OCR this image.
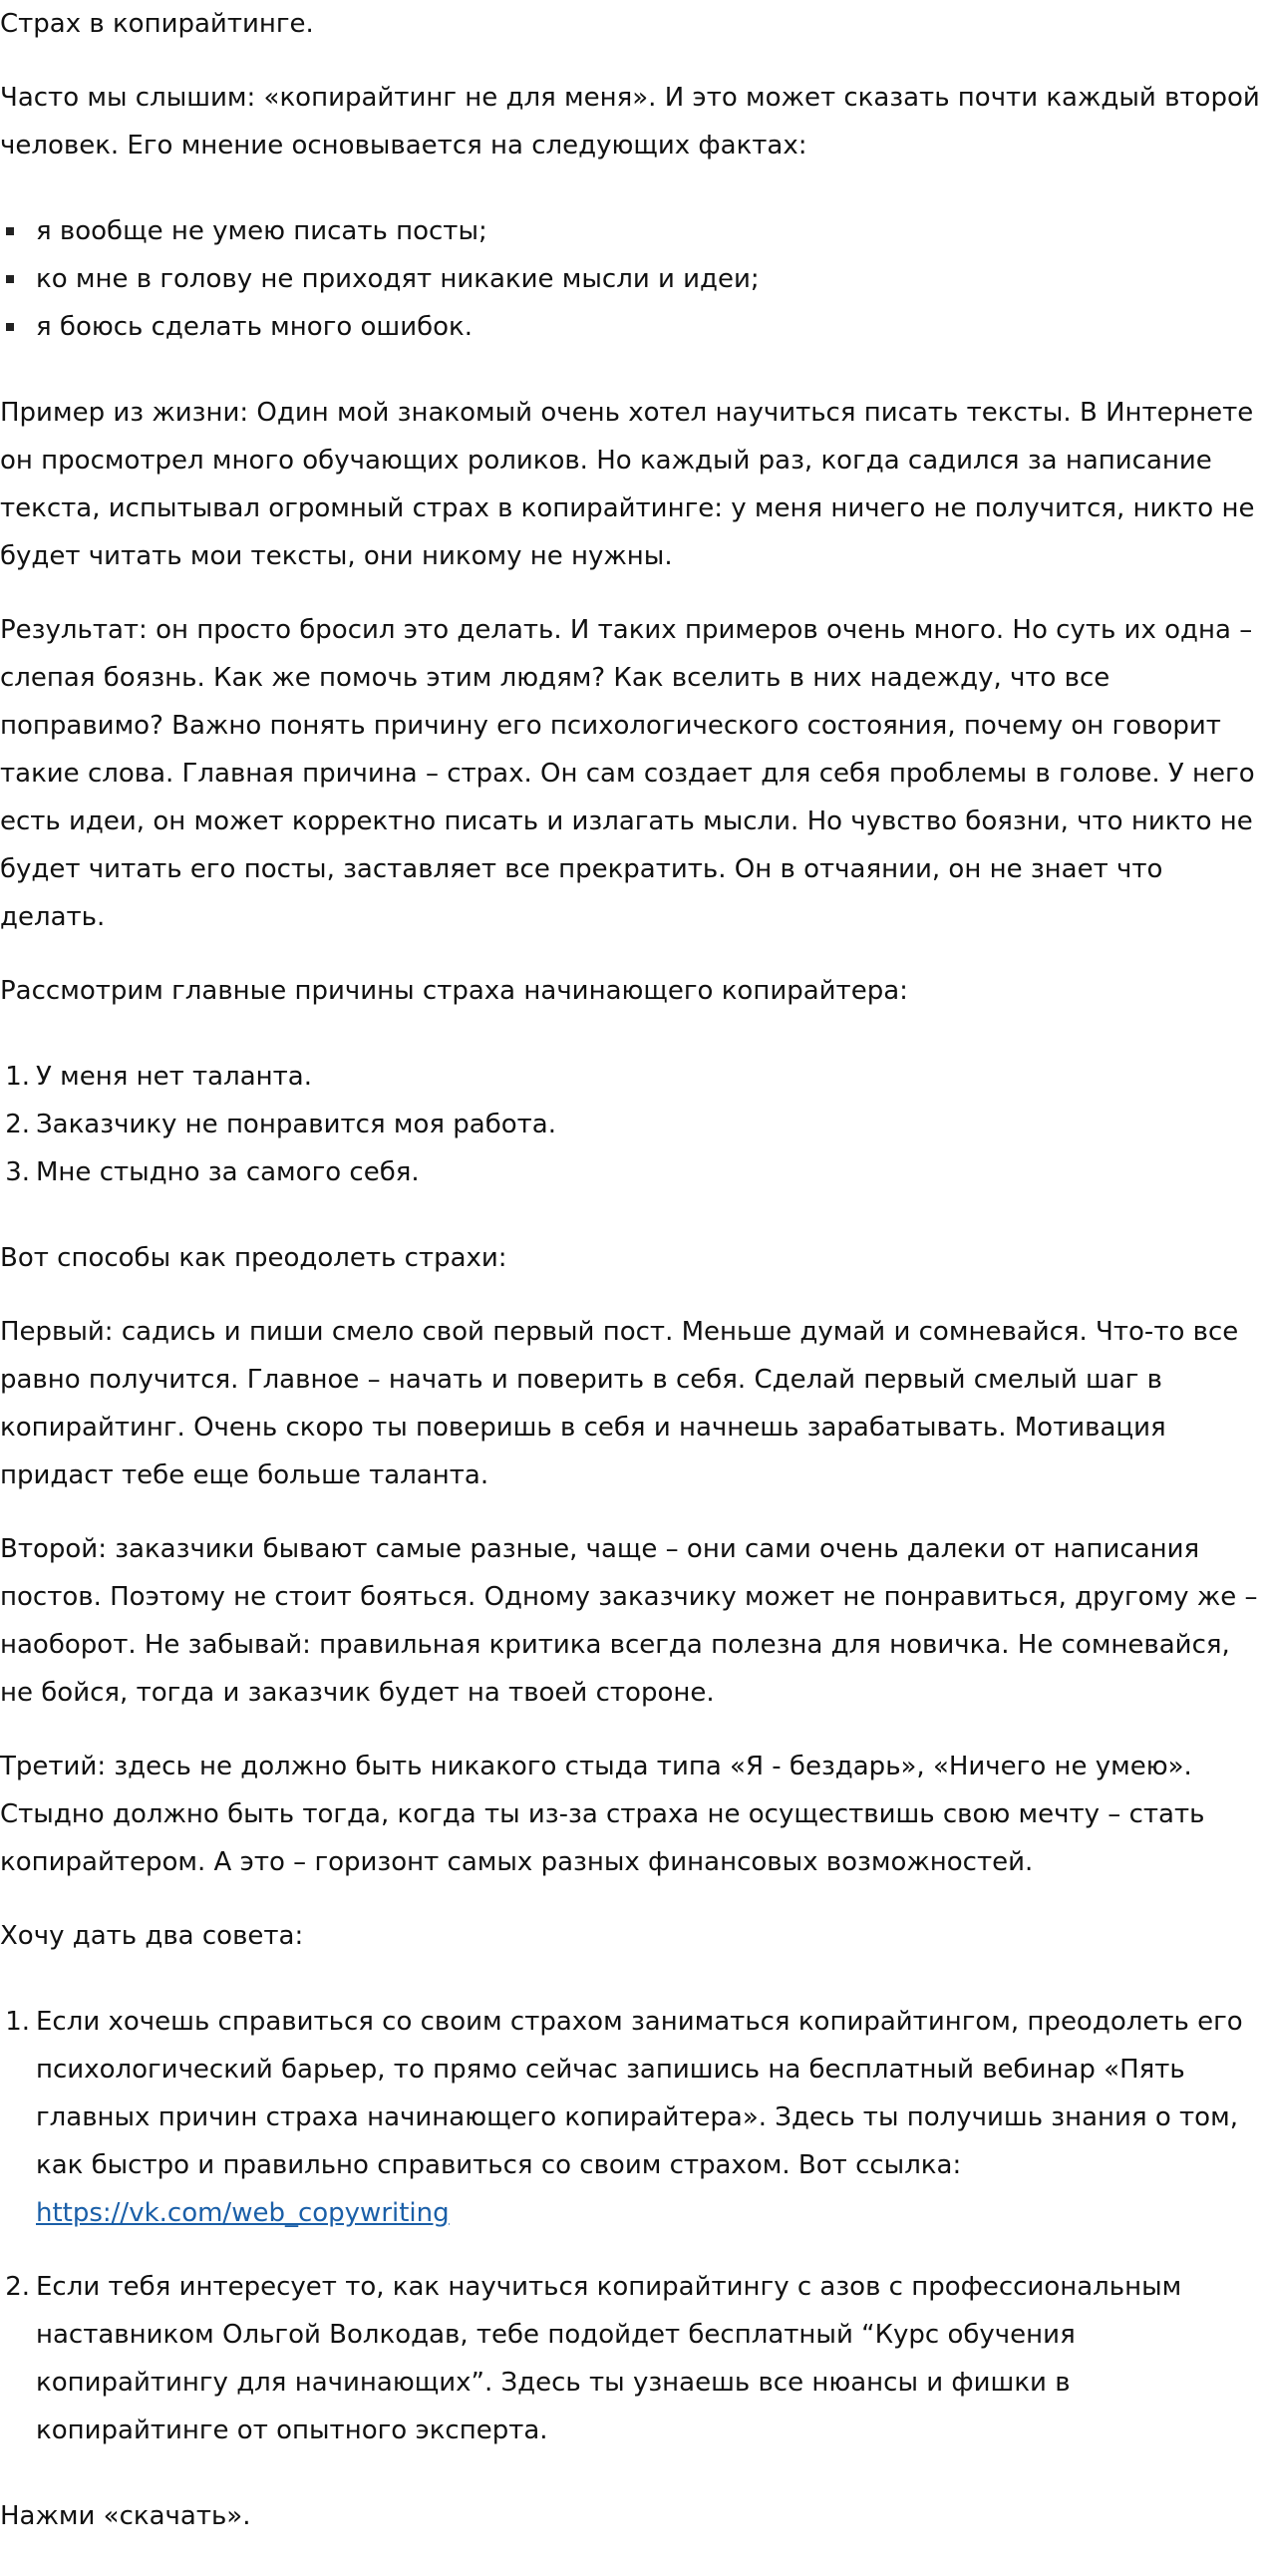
Страх в копирайтинге.

Часто мы слышим: «копирайтинг не для меня». И это может сказать почти каждый второй человек. Его мнение основывается на следующих фактах:

я вообще не умею писать посты;
ко мне в голову не приходят никакие мысли и идеи;
я боюсь сделать много ошибок.

Пример из жизни: Один мой знакомый очень хотел научиться писать тексты. В Интернете он просмотрел много обучающих роликов. Но каждый раз, когда садился за написание текста, испытывал огромный страх в копирайтинге: у меня ничего не получится, никто не будет читать мои тексты, они никому не нужны.

Результат: он просто бросил это делать. И таких примеров очень много. Но суть их одна – слепая боязнь. Как же помочь этим людям? Как вселить в них надежду, что все поправимо? Важно понять причину его психологического состояния, почему он говорит такие слова. Главная причина – страх. Он сам создает для себя проблемы в голове. У него есть идеи, он может корректно писать и излагать мысли. Но чувство боязни, что никто не будет читать его посты, заставляет все прекратить. Он в отчаянии, он не знает что делать.

Рассмотрим главные причины страха начинающего копирайтера:

1. У меня нет таланта.
2. Заказчику не понравится моя работа.
3. Мне стыдно за самого себя.

Вот способы как преодолеть страхи:

Первый: садись и пиши смело свой первый пост. Меньше думай и сомневайся. Что-то все равно получится. Главное – начать и поверить в себя. Сделай первый смелый шаг в копирайтинг. Очень скоро ты поверишь в себя и начнешь зарабатывать. Мотивация придаст тебе еще больше таланта.

Второй: заказчики бывают самые разные, чаще – они сами очень далеки от написания постов. Поэтому не стоит бояться. Одному заказчику может не понравиться, другому же – наоборот. Не забывай: правильная критика всегда полезна для новичка. Не сомневайся, не бойся, тогда и заказчик будет на твоей стороне.

Третий: здесь не должно быть никакого стыда типа «Я - бездарь», «Ничего не умею». Стыдно должно быть тогда, когда ты из-за страха не осуществишь свою мечту – стать копирайтером. А это – горизонт самых разных финансовых возможностей.

Хочу дать два совета:

1. Если хочешь справиться со своим страхом заниматься копирайтингом, преодолеть его психологический барьер, то прямо сейчас запишись на бесплатный вебинар «Пять главных причин страха начинающего копирайтера». Здесь ты получишь знания о том, как быстро и правильно справиться со своим страхом. Вот ссылка: https://vk.com/web_copywriting
2. Если тебя интересует то, как научиться копирайтингу с азов с профессиональным наставником Ольгой Волкодав, тебе подойдет бесплатный “Курс обучения копирайтингу для начинающих”. Здесь ты узнаешь все нюансы и фишки в копирайтинге от опытного эксперта.

Нажми «скачать».
